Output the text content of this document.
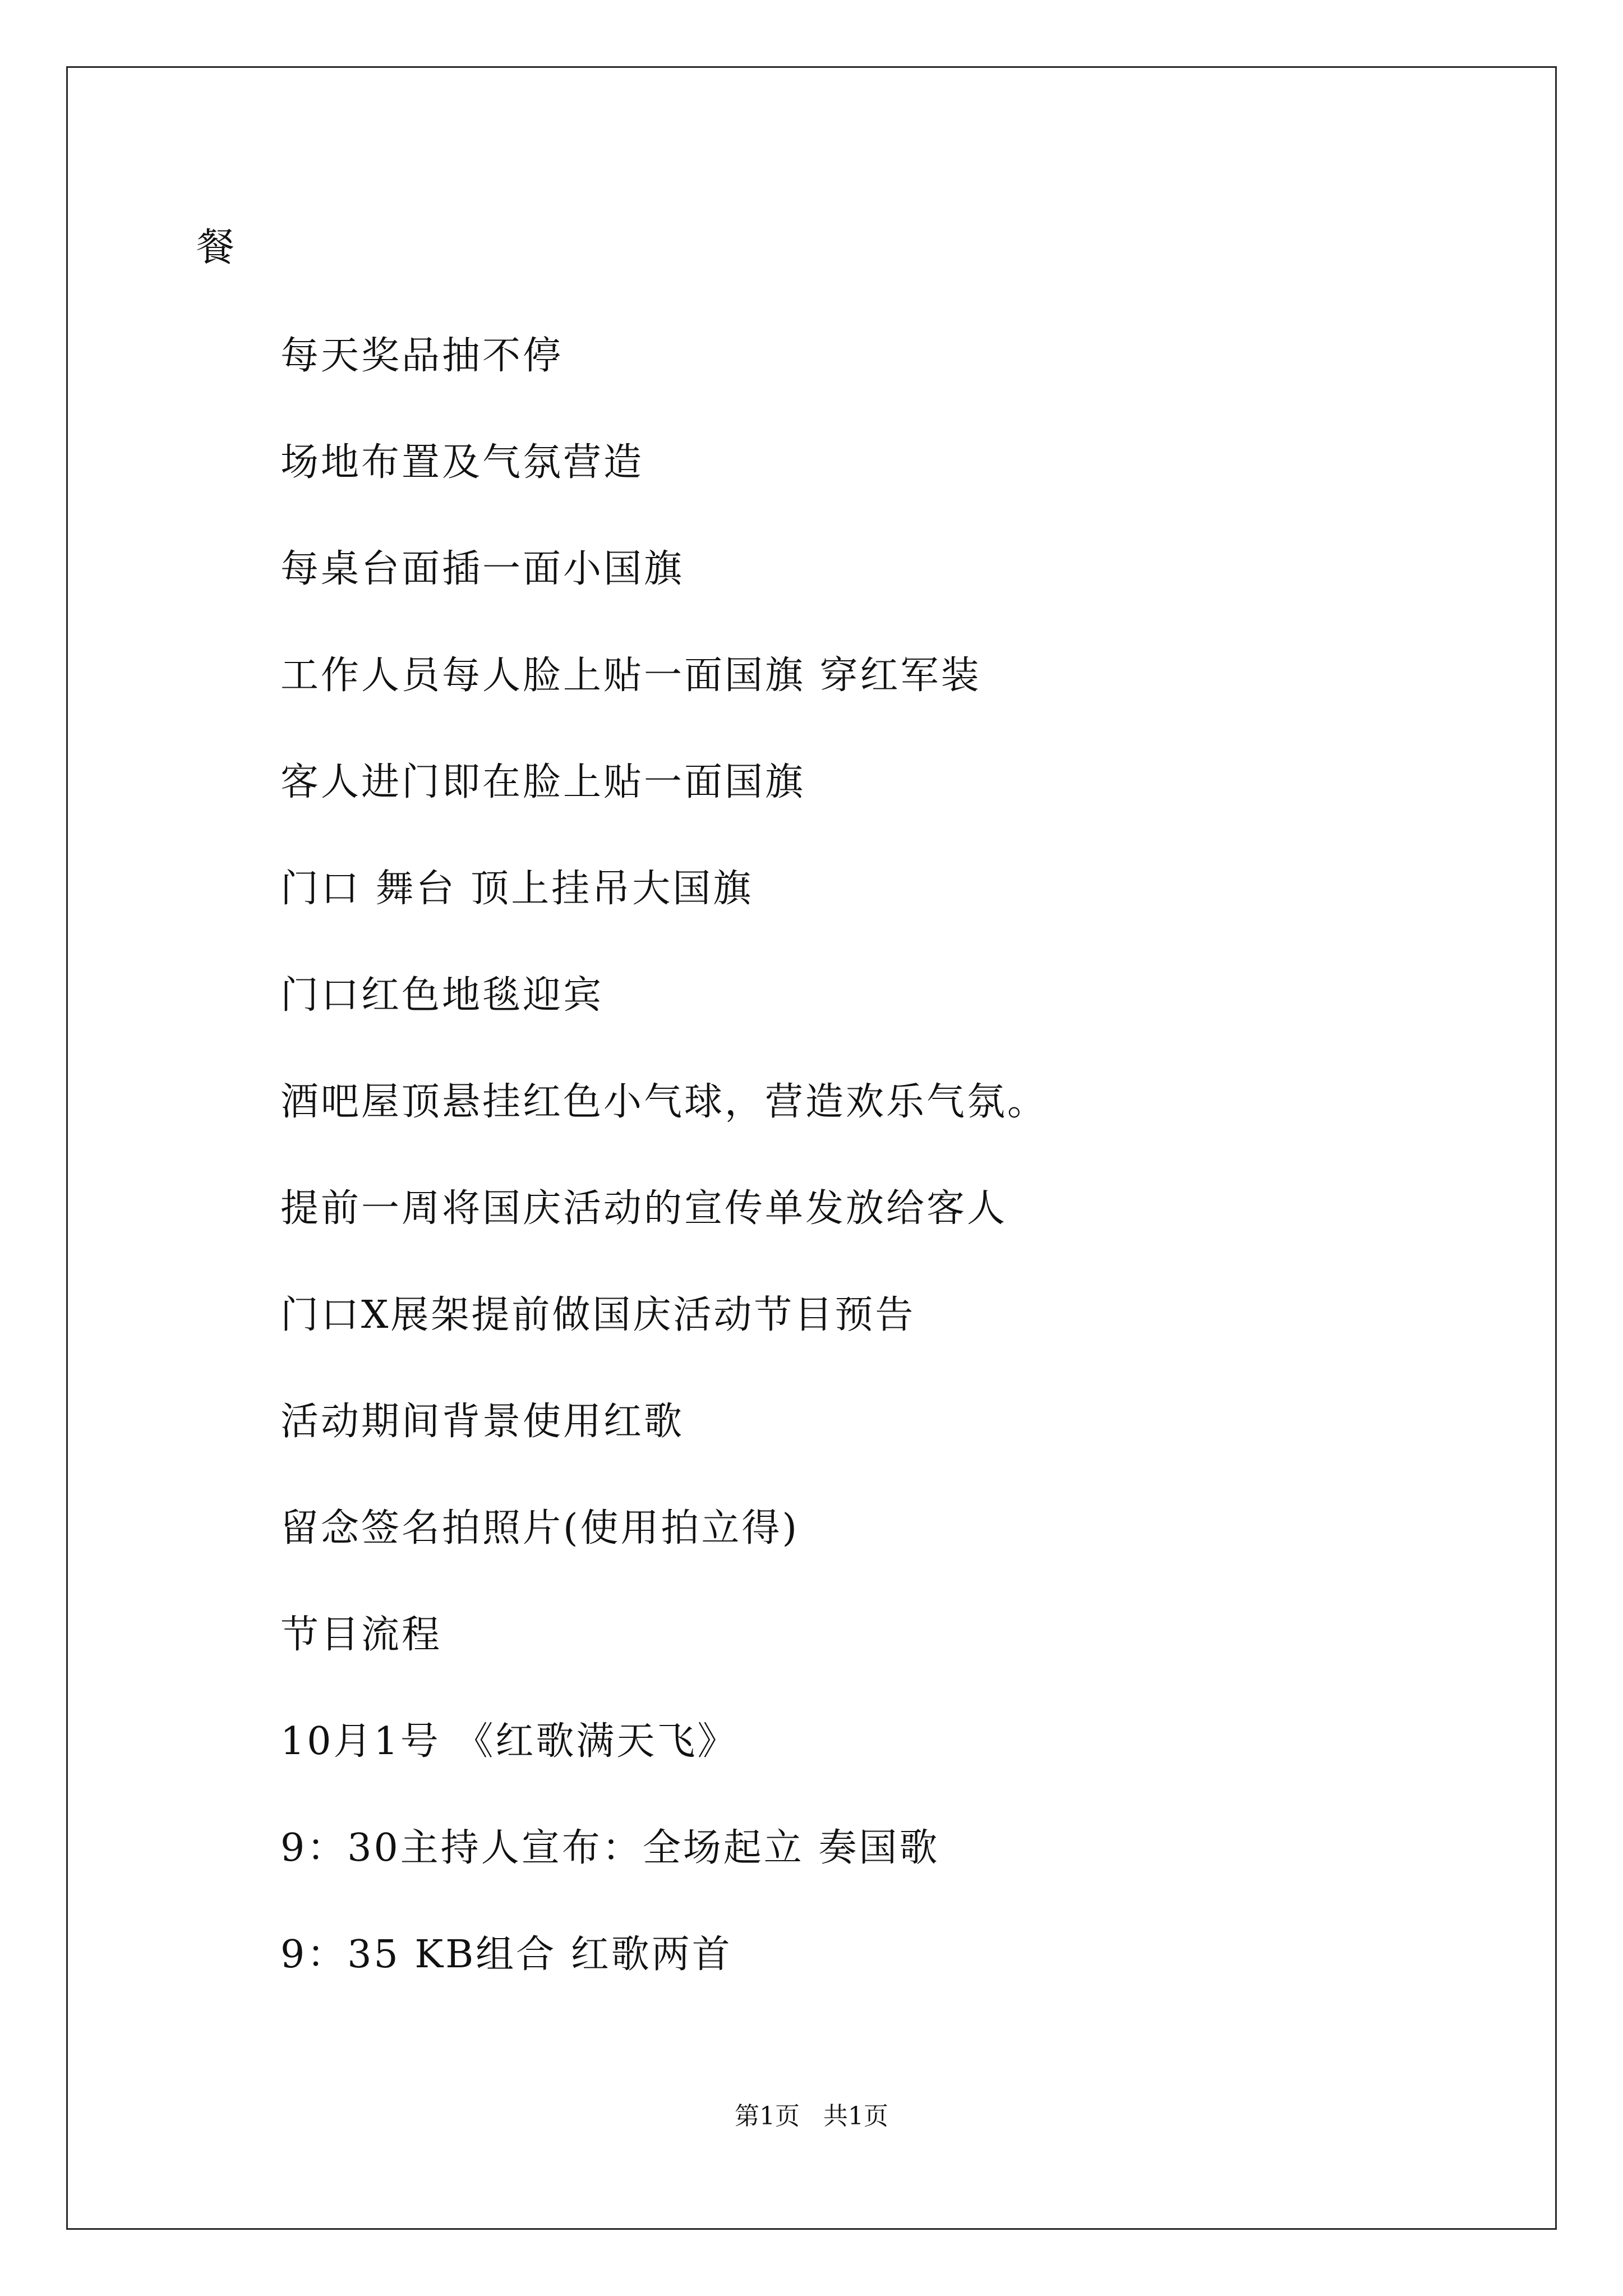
餐
每天奖品抽不停
场地布置及气氛营造
每桌台面插一面小国旗
工作人员每人脸上贴一面国旗 穿红军装
客人进门即在脸上贴一面国旗
门口 舞台 顶上挂吊大国旗
门口红色地毯迎宾
酒吧屋顶悬挂红色小气球，营造欢乐气氛。
提前一周将国庆活动的宣传单发放给客人
门口X展架提前做国庆活动节目预告
活动期间背景使用红歌
留念签名拍照片(使用拍立得)
节目流程
10月1号 《红歌满天飞》
9：30主持人宣布：全场起立 奏国歌
9：35 KB组合 红歌两首
第1页   共1页
